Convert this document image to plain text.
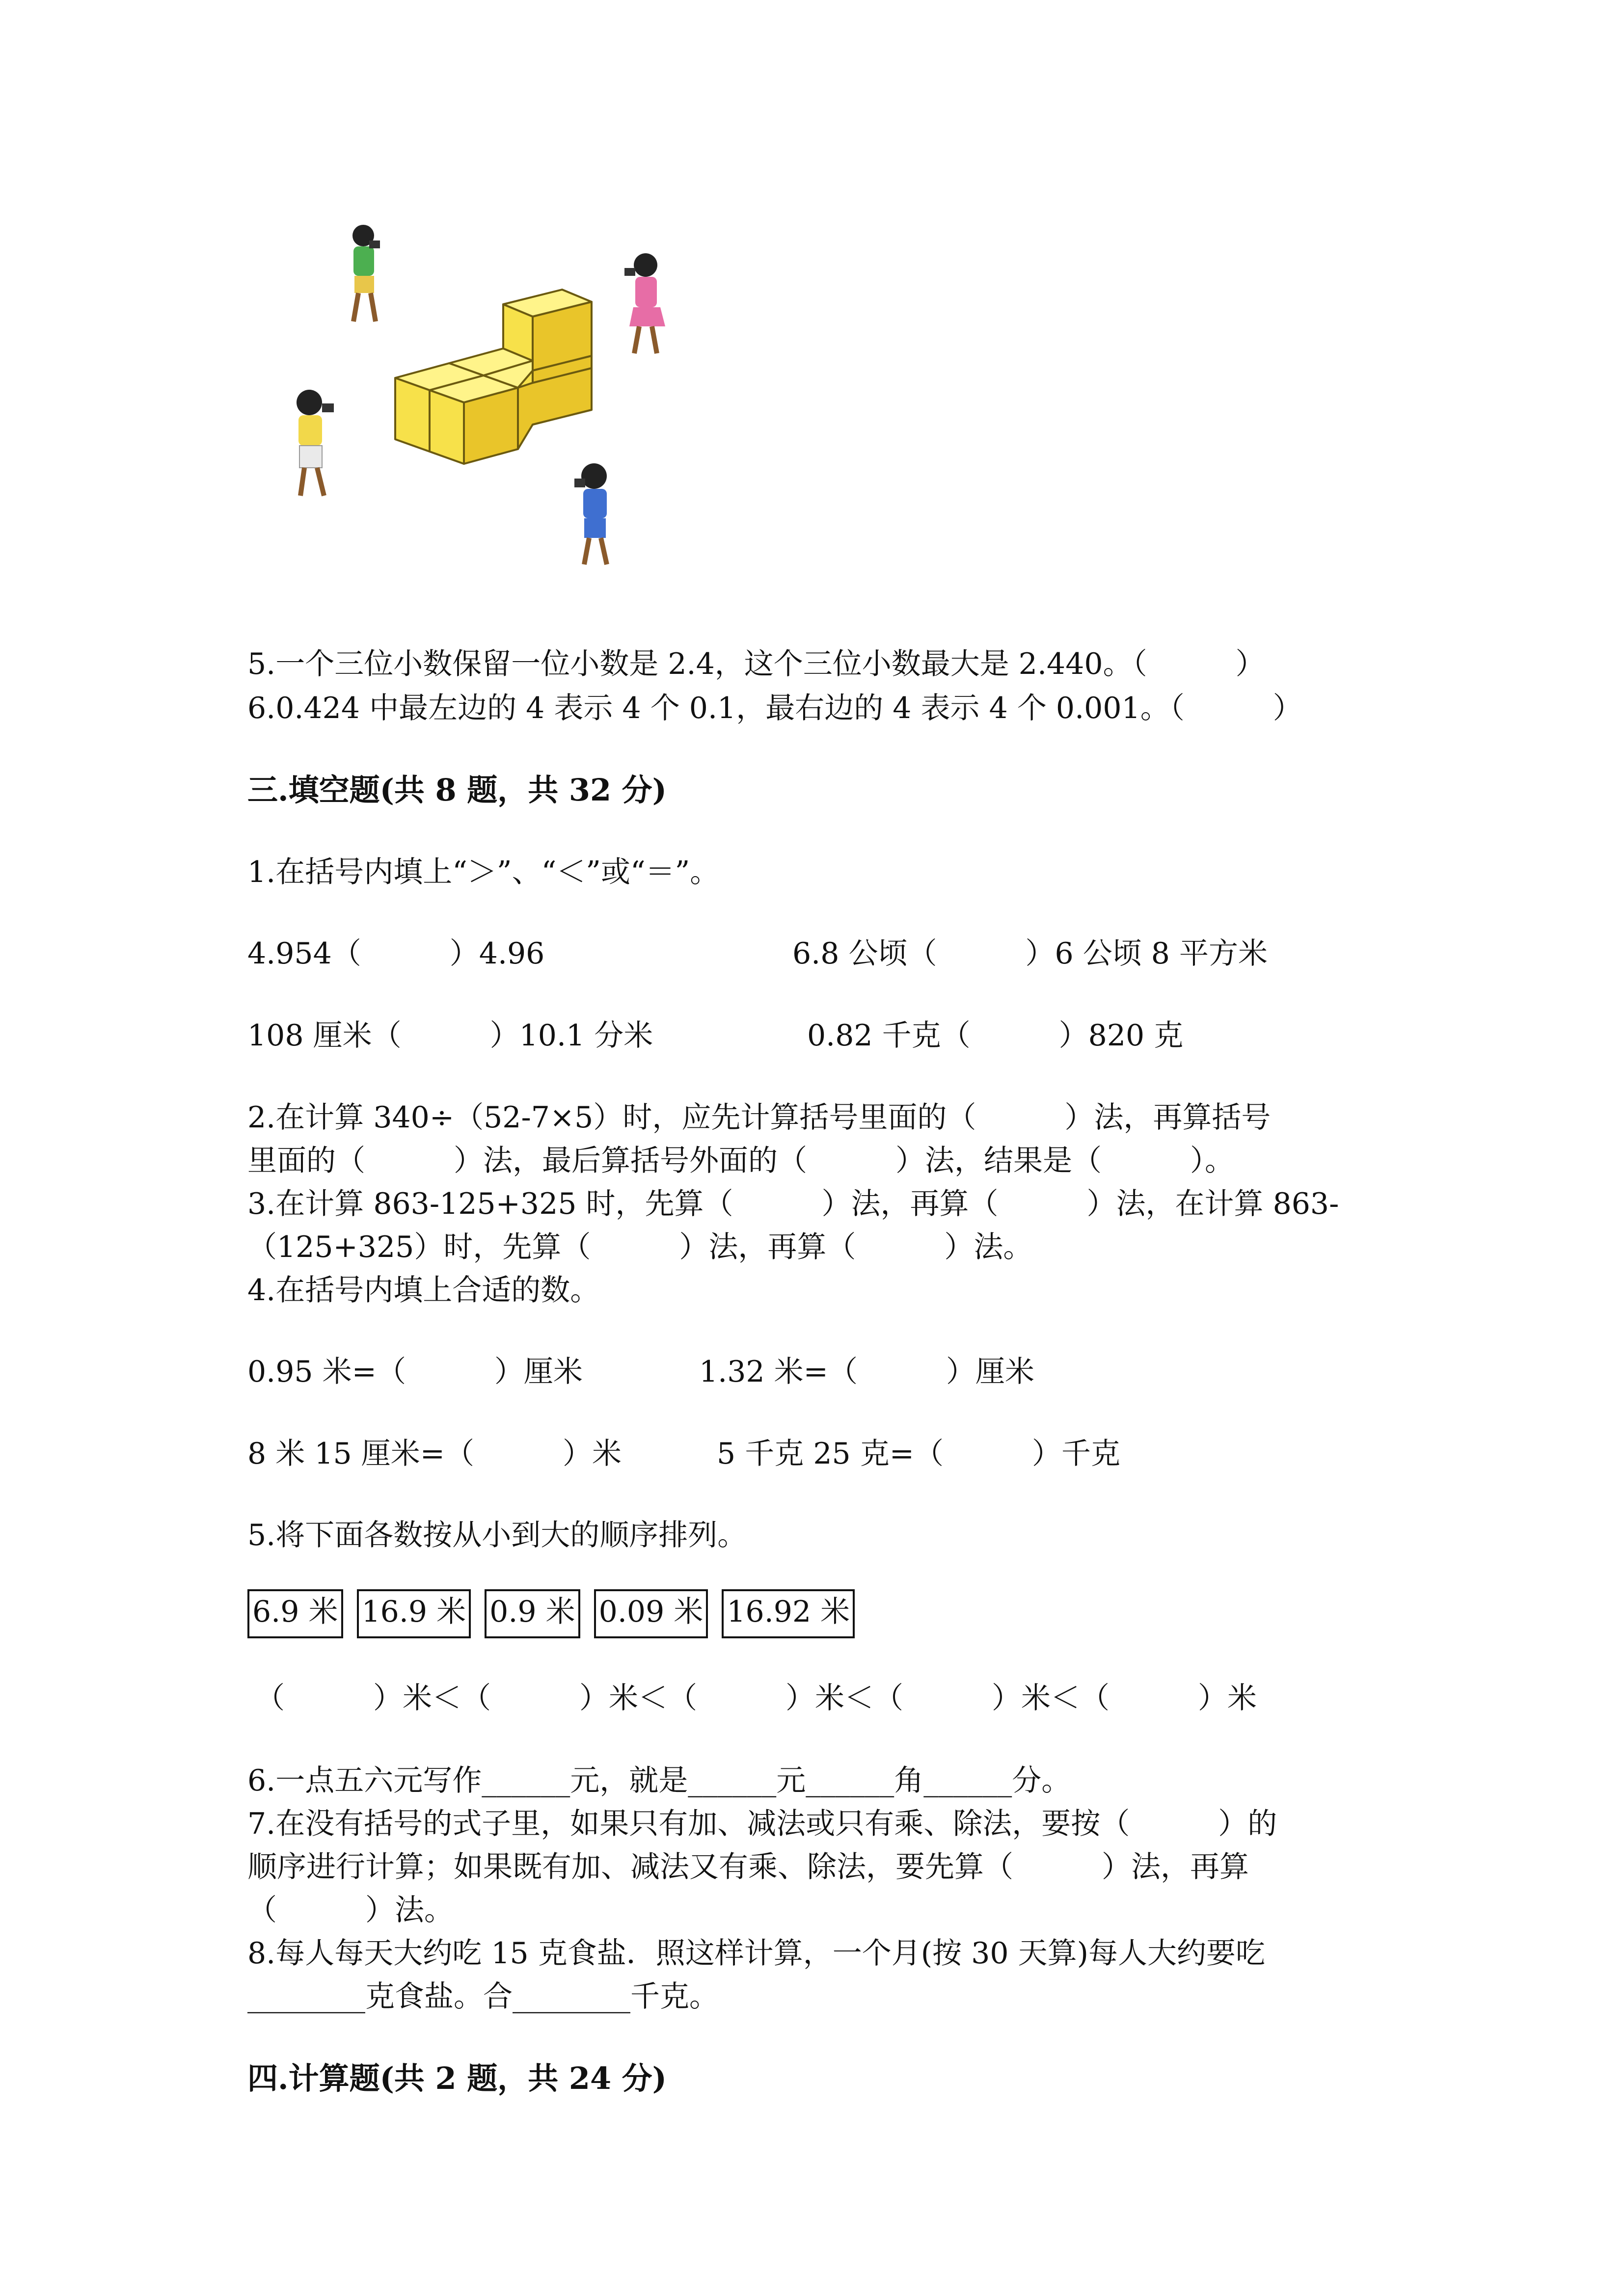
5.一个三位小数保留一位小数是 2.4，这个三位小数最大是 2.440。（　　　）
6.0.424 中最左边的 4 表示 4 个 0.1，最右边的 4 表示 4 个 0.001。（　　　）
三.填空题(共 8 题，共 32 分)
1.在括号内填上“＞”、“＜”或“＝”。
4.954（　　　）4.96	6.8 公顷（　　　）6 公顷 8 平方米
108 厘米（　　　）10.1 分米	0.82 千克（　　　）820 克
2.在计算 340÷（52-7×5）时，应先计算括号里面的（　　　）法，再算括号
里面的（　　　）法，最后算括号外面的（　　　）法，结果是（　　　）。
3.在计算 863-125+325 时，先算（　　　）法，再算（　　　）法，在计算 863-
（125+325）时，先算（　　　）法，再算（　　　）法。
4.在括号内填上合适的数。
0.95 米=（　　　）厘米	1.32 米=（　　　）厘米
8 米 15 厘米=（　　　）米	5 千克 25 克=（　　　）千克
5.将下面各数按从小到大的顺序排列。
6.9 米 16.9 米 0.9 米 0.09 米 16.92 米
（　　　）米＜（　　　）米＜（　　　）米＜（　　　）米＜（　　　）米
6.一点五六元写作______元，就是______元______角______分。
7.在没有括号的式子里，如果只有加、减法或只有乘、除法，要按（　　　）的
顺序进行计算；如果既有加、减法又有乘、除法，要先算（　　　）法，再算
（　　　）法。
8.每人每天大约吃 15 克食盐．照这样计算，一个月(按 30 天算)每人大约要吃
________克食盐。合________千克。
四.计算题(共 2 题，共 24 分)
